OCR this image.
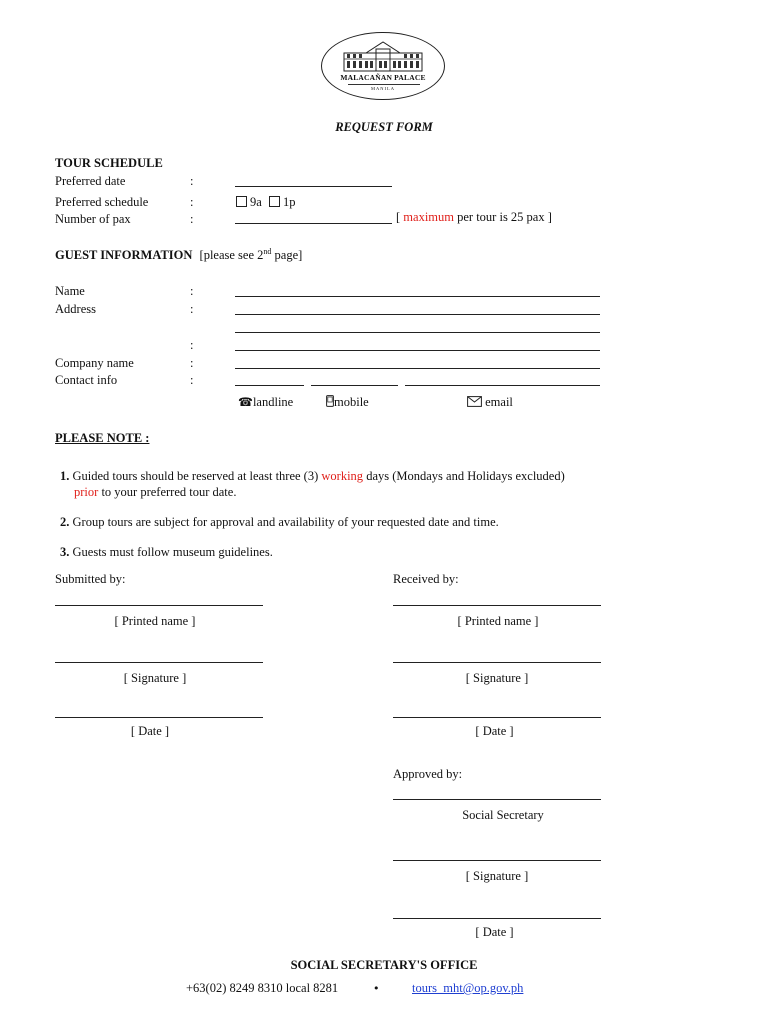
MALACAÑAN PALACE
MANILA
REQUEST FORM
TOUR SCHEDULE
Preferred date	:
Preferred schedule	:	9a 1p
Number of pax	:	[ maximum per tour is 25 pax ]
GUEST INFORMATION [please see 2nd page]
Name	:
Address	:
:
Company name	:
Contact info	:
☎landline	mobile	email
PLEASE NOTE :
1. Guided tours should be reserved at least three (3) working days (Mondays and Holidays excluded)
prior to your preferred tour date.
2. Group tours are subject for approval and availability of your requested date and time.
3. Guests must follow museum guidelines.
Submitted by:
[ Printed name ]
[ Signature ]
[ Date ]
Received by:
[ Printed name ]
[ Signature ]
[ Date ]
Approved by:
Social Secretary
[ Signature ]
[ Date ]
SOCIAL SECRETARY'S OFFICE
+63(02) 8249 8310 local 8281	•	tours_mht@op.gov.ph
